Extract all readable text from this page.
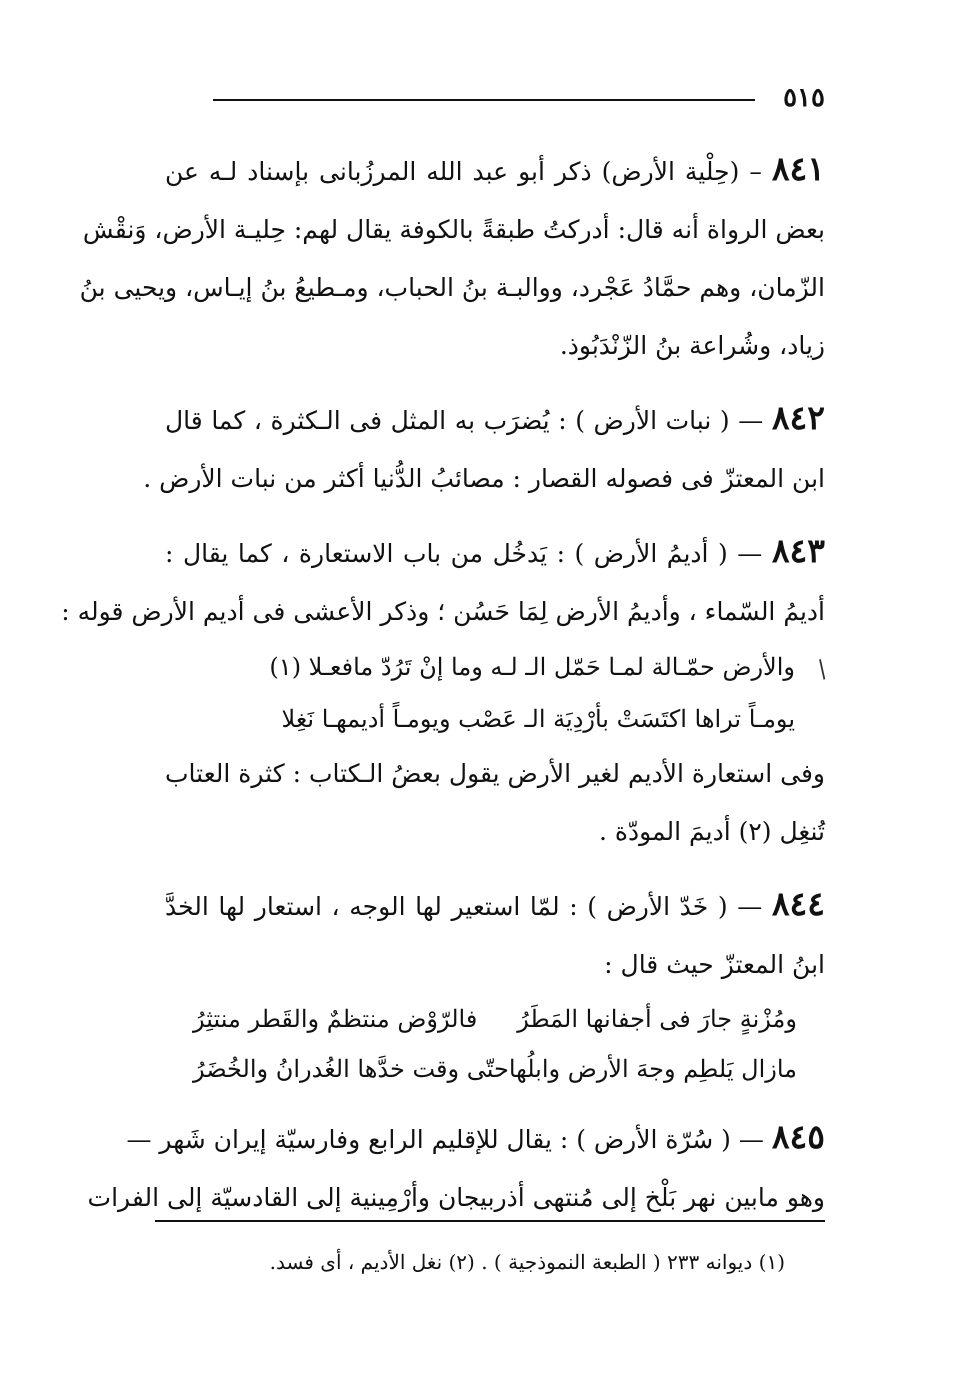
٥١٥
٨٤١ – (حِلْية الأرض) ذكر أبو عبد الله المرزُبانى بإسناد لـه عن
بعض الرواة أنه قال: أدركتُ طبقةً بالكوفة يقال لهم: حِليـة الأرض، وَنقْش
الزّمان، وهم حمَّادُ عَجْرد، ووالبـة بنُ الحباب، ومـطيعُ بنُ إيـاس، ويحيى بنُ
زياد، وشُراعة بنُ الزّنْدَبُوذ.
٨٤٢ — ( نبات الأرض ) : يُضرَب به المثل فى الـكثرة ، كما قال
ابن المعتزّ فى فصوله القصار : مصائبُ الدُّنيا أكثر من نبات الأرض .
٨٤٣ — ( أديمُ الأرض ) : يَدخُل من باب الاستعارة ، كما يقال :
أديمُ السّماء ، وأديمُ الأرض لِمَا حَسُن ؛ وذكر الأعشى فى أديم الأرض قوله :
والأرض حمّـالة لمـا حَمّل الـ لـه وما إنْ تَرُدّ مافعـلا (١)
يومـاً تراها اكتَسَتْ بأرْدِيَة الـ عَصْب ويومـاً أديمهـا نَغِلا
وفى استعارة الأديم لغير الأرض يقول بعضُ الـكتاب : كثرة العتاب
تُنغِل (٢) أديمَ المودّة .
٨٤٤ — ( خَدّ الأرض ) : لمّا استعير لها الوجه ، استعار لها الخدَّ
ابنُ المعتزّ حيث قال :
ومُزْنةٍ جارَ فى أجفانها المَطَرُ
فالرّوْض منتظمٌ والقَطر منتثِرُ
مازال يَلطِم وجهَ الأرض وابلُها
حتّى وقت خدَّها الغُدرانُ والخُضَرُ
٨٤٥ — ( سُرّة الأرض ) : يقال للإقليم الرابع وفارسيّة إيران شَهر —
وهو مابين نهر بَلْخ إلى مُنتهى أذربيجان وأرْمِينية إلى القادسيّة إلى الفرات
/
(١) ديوانه ٢٣٣ ( الطبعة النموذجية ) . (٢) نغل الأديم ، أى فسد.
